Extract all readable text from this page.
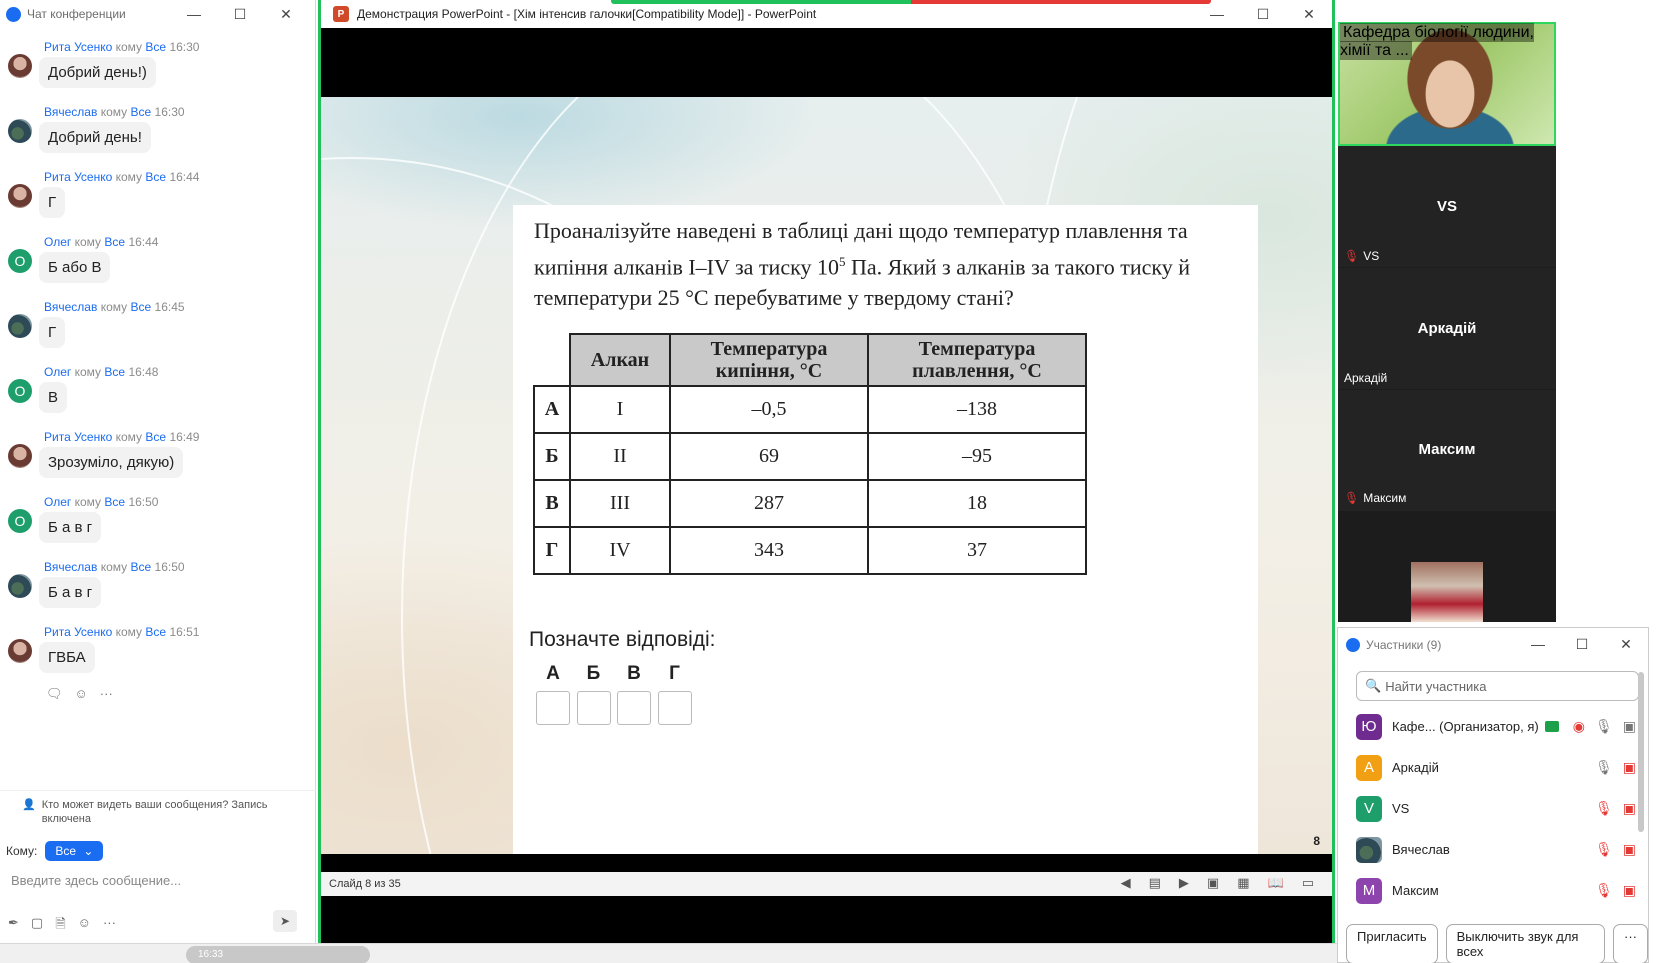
Чат конференции	—	☐	✕
Рита Усенко кому Все 16:30
Добрий день!)
Вячеслав кому Все 16:30
Добрий день!
Рита Усенко кому Все 16:44
Г
О
Олег кому Все 16:44
Б або В
Вячеслав кому Все 16:45
Г
О
Олег кому Все 16:48
В
Рита Усенко кому Все 16:49
Зрозуміло, дякую)
О
Олег кому Все 16:50
Б а в г
Вячеслав кому Все 16:50
Б а в г
Рита Усенко кому Все 16:51
ГВБА
🗨 ☺ ···
👤 Кто может видеть ваши сообщения? Запись включена
Кому: Все ⌄
Введите здесь сообщение...
✒ ▢ 🗎 ☺ ···	➤
P	Демонстрация PowerPoint - [Хім інтенсив галочки[Compatibility Mode]] - PowerPoint	—	☐	✕
Проаналізуйте наведені в таблиці дані щодо температур плавлення та кипіння алканів I–IV за тиску $10^5$ Па. Який з алканів за такого тиску й температури 25 °С перебуватиме у твердому стані?
	Алкан	Температура кипіння, °С	Температура плавлення, °С
А	I	–0,5	–138
Б	II	69	–95
В	III	287	18
Г	IV	343	37
Позначте відповіді:
А	Б	В	Г
8
Слайд 8 из 35	◀ ▤ ▶ ▣ ▦ 📖 ▭
Кафедра біології людини, хімії та ...
VS
🎙 VS
Аркадій
Аркадій
Максим
🎙 Максим
Участники (9)	—	☐	✕
🔍 Найти участника
Ю	Кафе... (Организатор, я) ◉ 🎙 ▣
А	Аркадій	🎙 ▣
V	VS	🎙 ▣
Вячеслав	🎙 ▣
М	Максим	🎙 ▣
Пригласить	Выключить звук для всех
···
16:33
